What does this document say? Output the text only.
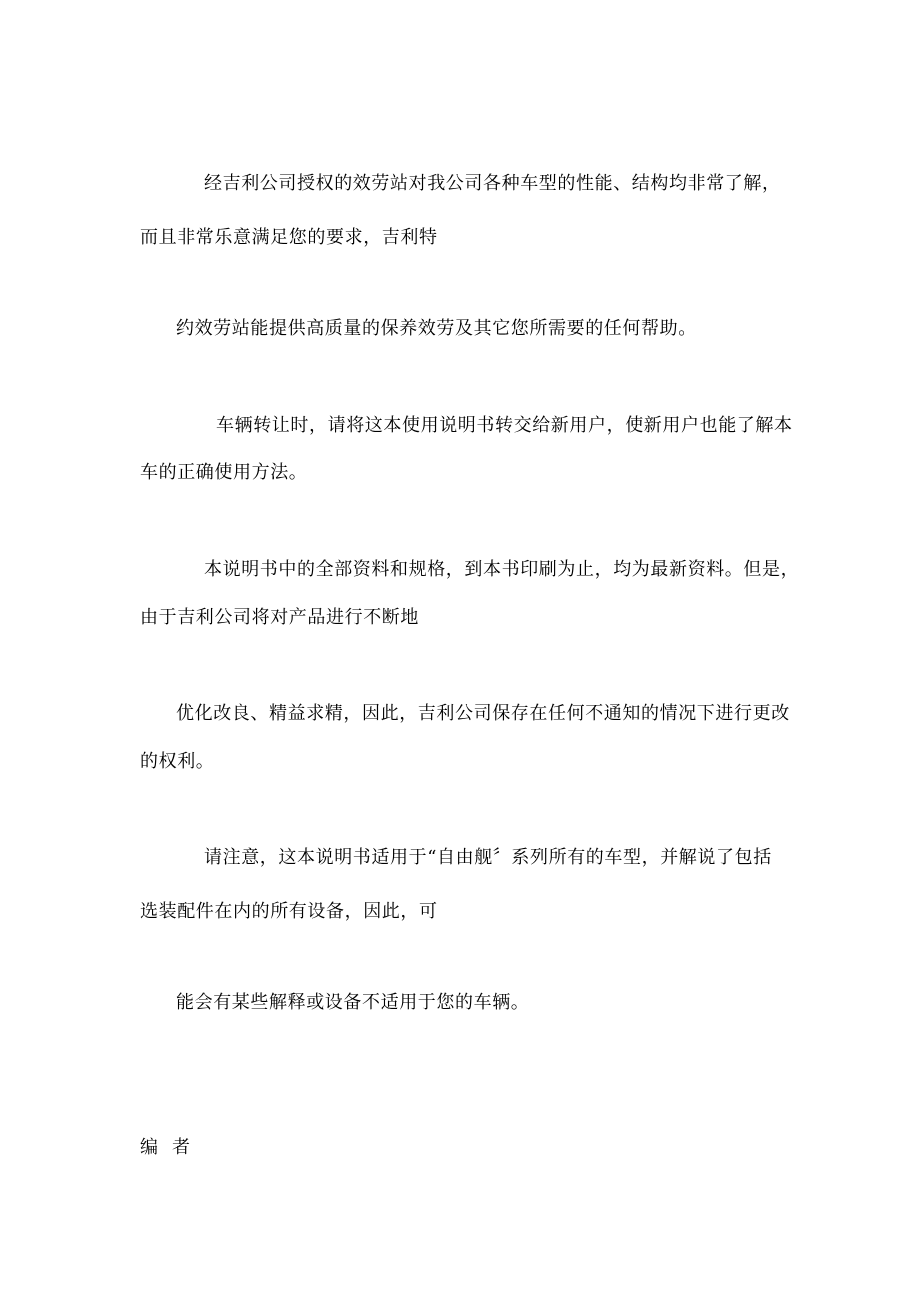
经吉利公司授权的效劳站对我公司各种车型的性能、结构均非常了解，

而且非常乐意满足您的要求，吉利特

约效劳站能提供高质量的保养效劳及其它您所需要的任何帮助。

车辆转让时，请将这本使用说明书转交给新用户，使新用户也能了解本

车的正确使用方法。

本说明书中的全部资料和规格，到本书印刷为止，均为最新资料。但是，

由于吉利公司将对产品进行不断地

优化改良、精益求精，因此，吉利公司保存在任何不通知的情况下进行更改

的权利。

请注意，这本说明书适用于“自由舰〞系列所有的车型，并解说了包括

选装配件在内的所有设备，因此，可

能会有某些解释或设备不适用于您的车辆。

编者
